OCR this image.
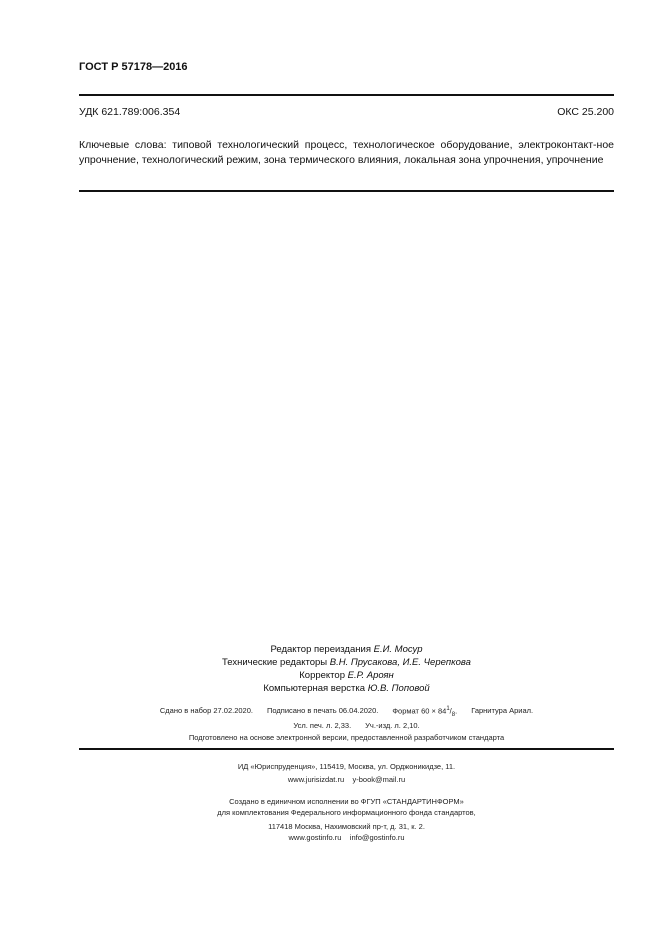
ГОСТ Р 57178—2016
УДК 621.789:006.354	ОКС 25.200
Ключевые слова: типовой технологический процесс, технологическое оборудование, электроконтакт-ное упрочнение, технологический режим, зона термического влияния, локальная зона упрочнения, упрочнение
Редактор переиздания Е.И. Мосур
Технические редакторы В.Н. Прусакова, И.Е. Черепкова
Корректор Е.Р. Ароян
Компьютерная верстка Ю.В. Поповой
Сдано в набор 27.02.2020. Подписано в печать 06.04.2020. Формат $60 \times 84^1/_8$. Гарнитура Ариал.
Усл. печ. л. 2,33. Уч.-изд. л. 2,10.
Подготовлено на основе электронной версии, предоставленной разработчиком стандарта
ИД «Юриспруденция», 115419, Москва, ул. Орджоникидзе, 11.
www.jurisizdat.ru y-book@mail.ru
Создано в единичном исполнении во ФГУП «СТАНДАРТИНФОРМ»
для комплектования Федерального информационного фонда стандартов,
117418 Москва, Нахимовский пр-т, д. 31, к. 2.
www.gostinfo.ru info@gostinfo.ru
